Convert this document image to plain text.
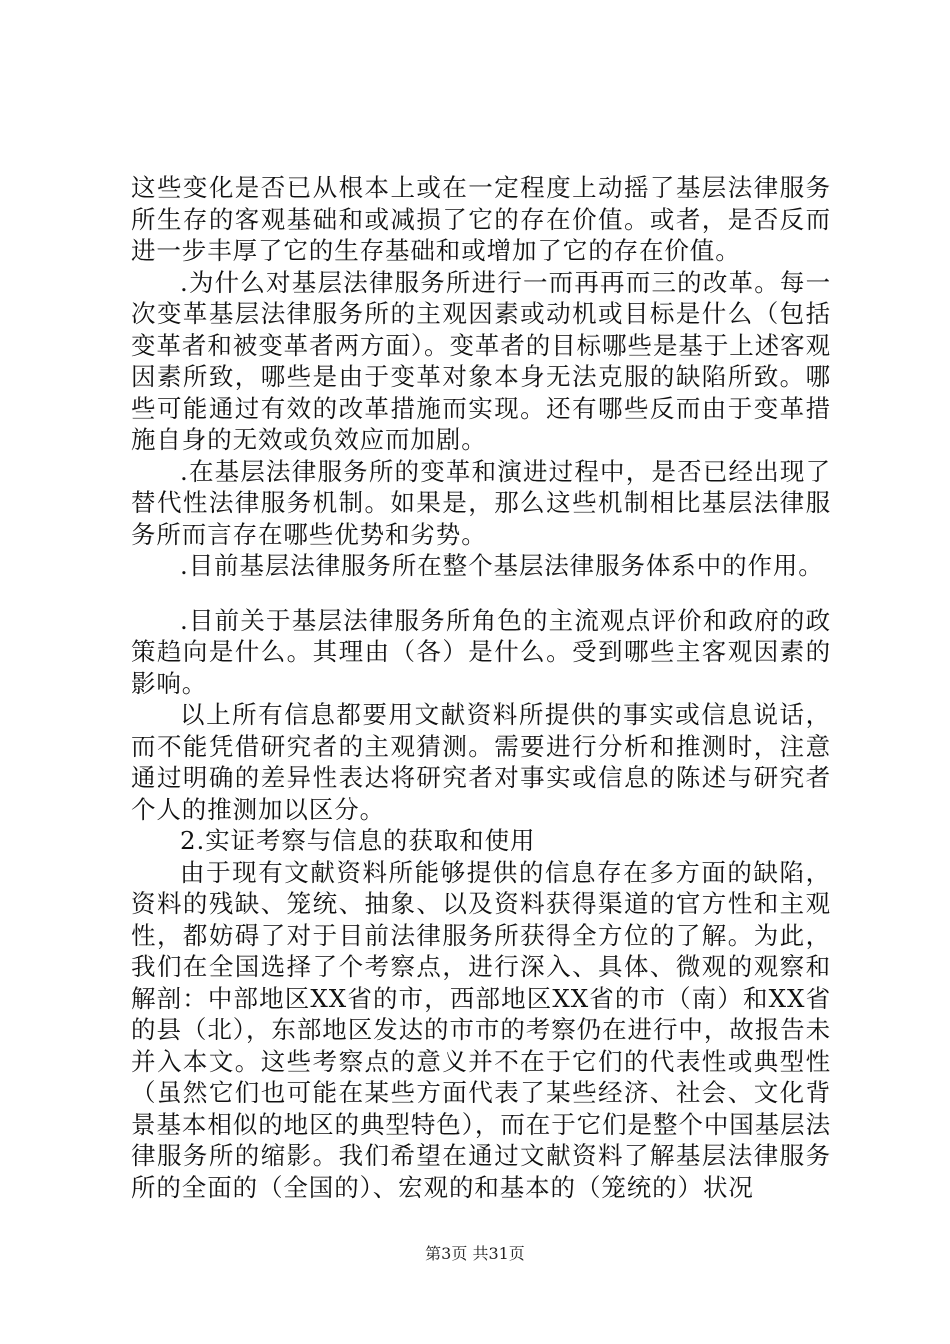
这些变化是否已从根本上或在一定程度上动摇了基层法律服务所生存的客观基础和或减损了它的存在价值。或者，是否反而进一步丰厚了它的生存基础和或增加了它的存在价值。

.为什么对基层法律服务所进行一而再再而三的改革。每一次变革基层法律服务所的主观因素或动机或目标是什么（包括变革者和被变革者两方面）。变革者的目标哪些是基于上述客观因素所致，哪些是由于变革对象本身无法克服的缺陷所致。哪些可能通过有效的改革措施而实现。还有哪些反而由于变革措施自身的无效或负效应而加剧。

.在基层法律服务所的变革和演进过程中，是否已经出现了替代性法律服务机制。如果是，那么这些机制相比基层法律服务所而言存在哪些优势和劣势。

.目前基层法律服务所在整个基层法律服务体系中的作用。

.目前关于基层法律服务所角色的主流观点评价和政府的政策趋向是什么。其理由（各）是什么。受到哪些主客观因素的影响。

以上所有信息都要用文献资料所提供的事实或信息说话，而不能凭借研究者的主观猜测。需要进行分析和推测时，注意通过明确的差异性表达将研究者对事实或信息的陈述与研究者个人的推测加以区分。

2.实证考察与信息的获取和使用

由于现有文献资料所能够提供的信息存在多方面的缺陷，资料的残缺、笼统、抽象、以及资料获得渠道的官方性和主观性，都妨碍了对于目前法律服务所获得全方位的了解。为此，我们在全国选择了个考察点，进行深入、具体、微观的观察和解剖：中部地区XX省的市，西部地区XX省的市（南）和XX省的县（北），东部地区发达的市市的考察仍在进行中，故报告未并入本文。这些考察点的意义并不在于它们的代表性或典型性（虽然它们也可能在某些方面代表了某些经济、社会、文化背景基本相似的地区的典型特色），而在于它们是整个中国基层法律服务所的缩影。我们希望在通过文献资料了解基层法律服务所的全面的（全国的）、宏观的和基本的（笼统的）状况

第3页 共31页
